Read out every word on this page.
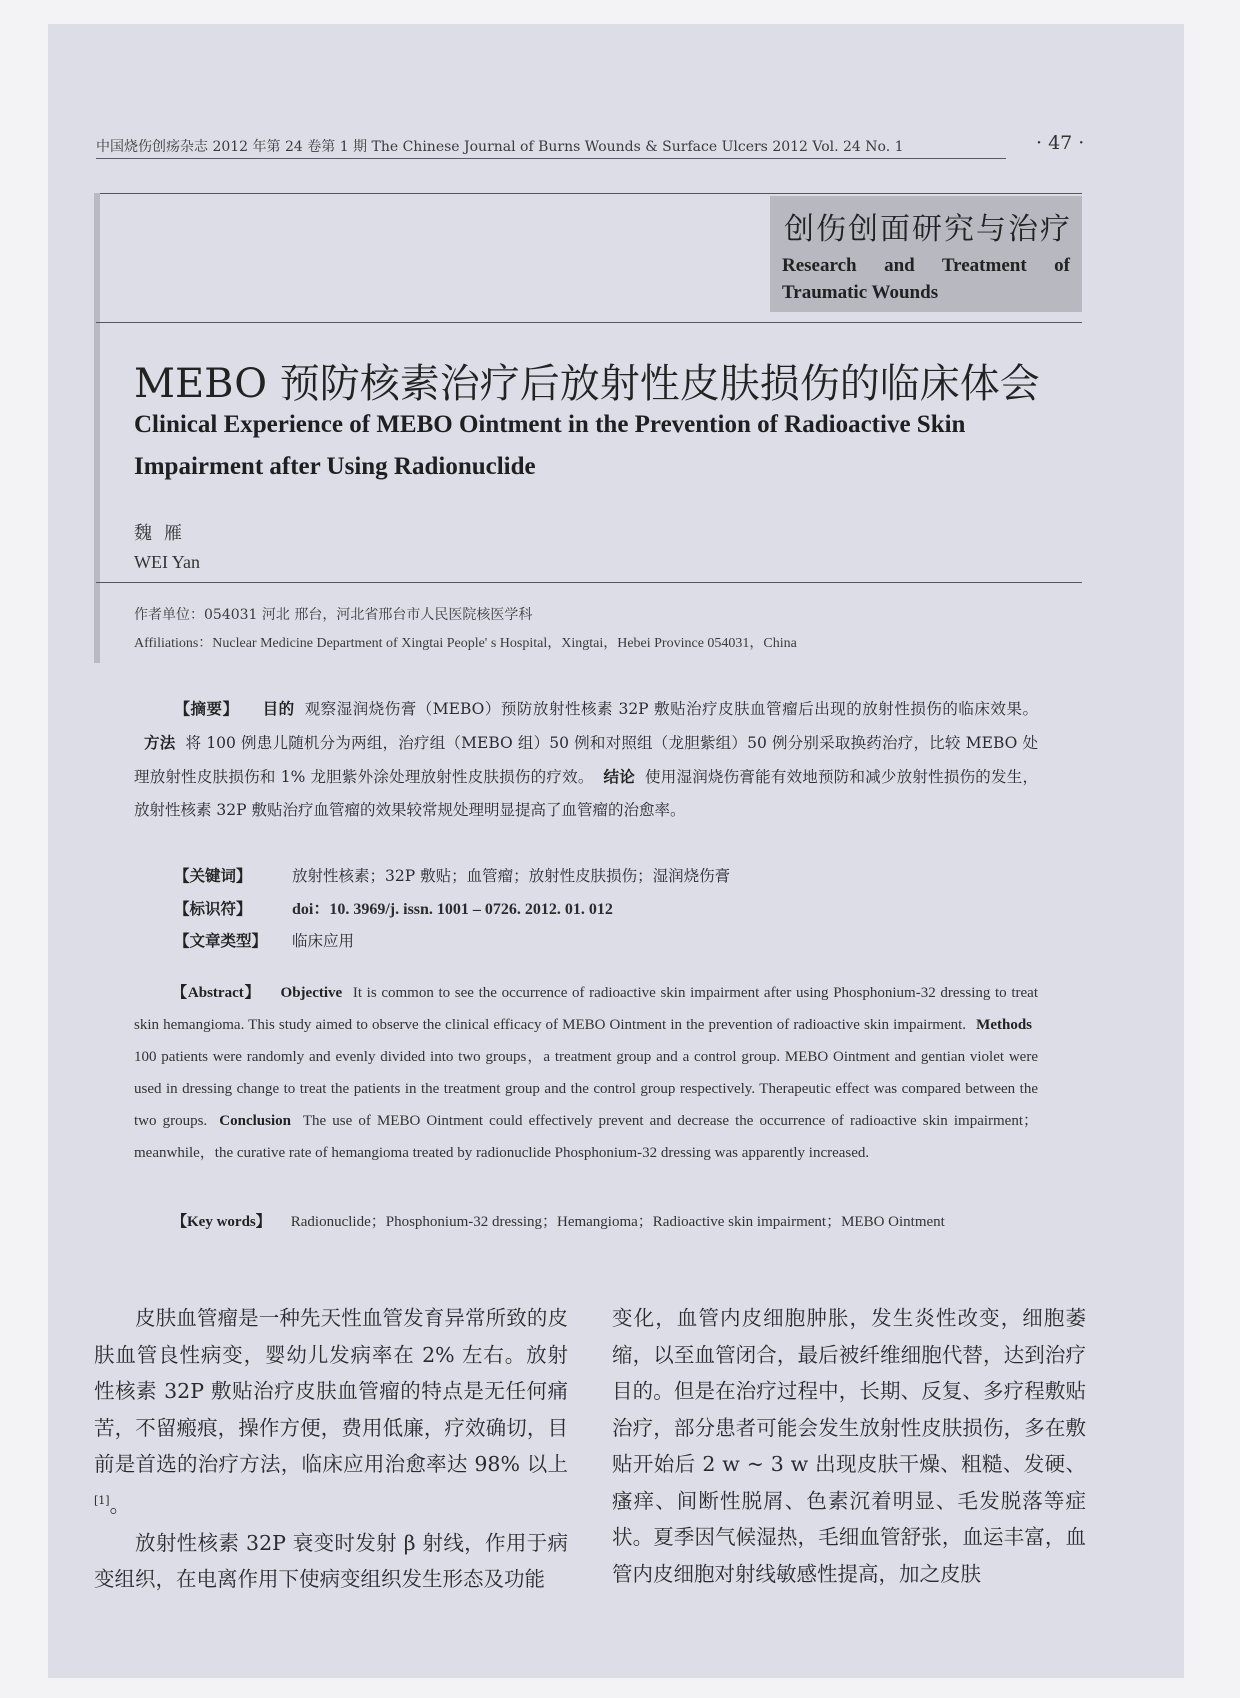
中国烧伤创疡杂志 2012 年第 24 卷第 1 期 The Chinese Journal of Burns Wounds & Surface Ulcers 2012 Vol. 24 No. 1	· 47 ·
创伤创面研究与治疗
Research and Treatment of
Traumatic Wounds
MEBO 预防核素治疗后放射性皮肤损伤的临床体会
Clinical Experience of MEBO Ointment in the Prevention of Radioactive Skin Impairment after Using Radionuclide
魏雁
WEI Yan
作者单位：054031 河北 邢台，河北省邢台市人民医院核医学科
Affiliations：Nuclear Medicine Department of Xingtai People' s Hospital，Xingtai，Hebei Province 054031，China
【摘要】 目的 观察湿润烧伤膏（MEBO）预防放射性核素 32P 敷贴治疗皮肤血管瘤后出现的放射性损伤的临床效果。方法 将 100 例患儿随机分为两组，治疗组（MEBO 组）50 例和对照组（龙胆紫组）50 例分别采取换药治疗，比较 MEBO 处理放射性皮肤损伤和 1% 龙胆紫外涂处理放射性皮肤损伤的疗效。 结论 使用湿润烧伤膏能有效地预防和减少放射性损伤的发生，放射性核素 32P 敷贴治疗血管瘤的效果较常规处理明显提高了血管瘤的治愈率。
【关键词】	放射性核素；32P 敷贴；血管瘤；放射性皮肤损伤；湿润烧伤膏
【标识符】	doi：10. 3969/j. issn. 1001 – 0726. 2012. 01. 012
【文章类型】 临床应用
【Abstract】 Objective It is common to see the occurrence of radioactive skin impairment after using Phosphonium-32 dressing to treat skin hemangioma. This study aimed to observe the clinical efficacy of MEBO Ointment in the prevention of radioactive skin impairment. Methods 100 patients were randomly and evenly divided into two groups，a treatment group and a control group. MEBO Ointment and gentian violet were used in dressing change to treat the patients in the treatment group and the control group respectively. Therapeutic effect was compared between the two groups. Conclusion The use of MEBO Ointment could effectively prevent and decrease the occurrence of radioactive skin impairment；meanwhile，the curative rate of hemangioma treated by radionuclide Phosphonium-32 dressing was apparently increased.
【Key words】 Radionuclide；Phosphonium-32 dressing；Hemangioma；Radioactive skin impairment；MEBO Ointment

皮肤血管瘤是一种先天性血管发育异常所致的皮肤血管良性病变，婴幼儿发病率在 2% 左右。放射性核素 32P 敷贴治疗皮肤血管瘤的特点是无任何痛苦，不留瘢痕，操作方便，费用低廉，疗效确切，目前是首选的治疗方法，临床应用治愈率达 98% 以上[1]。

放射性核素 32P 衰变时发射 β 射线，作用于病变组织，在电离作用下使病变组织发生形态及功能

变化，血管内皮细胞肿胀，发生炎性改变，细胞萎缩，以至血管闭合，最后被纤维细胞代替，达到治疗目的。但是在治疗过程中，长期、反复、多疗程敷贴治疗，部分患者可能会发生放射性皮肤损伤，多在敷贴开始后 2 w ~ 3 w 出现皮肤干燥、粗糙、发硬、瘙痒、间断性脱屑、色素沉着明显、毛发脱落等症状。夏季因气候湿热，毛细血管舒张，血运丰富，血管内皮细胞对射线敏感性提高，加之皮肤
